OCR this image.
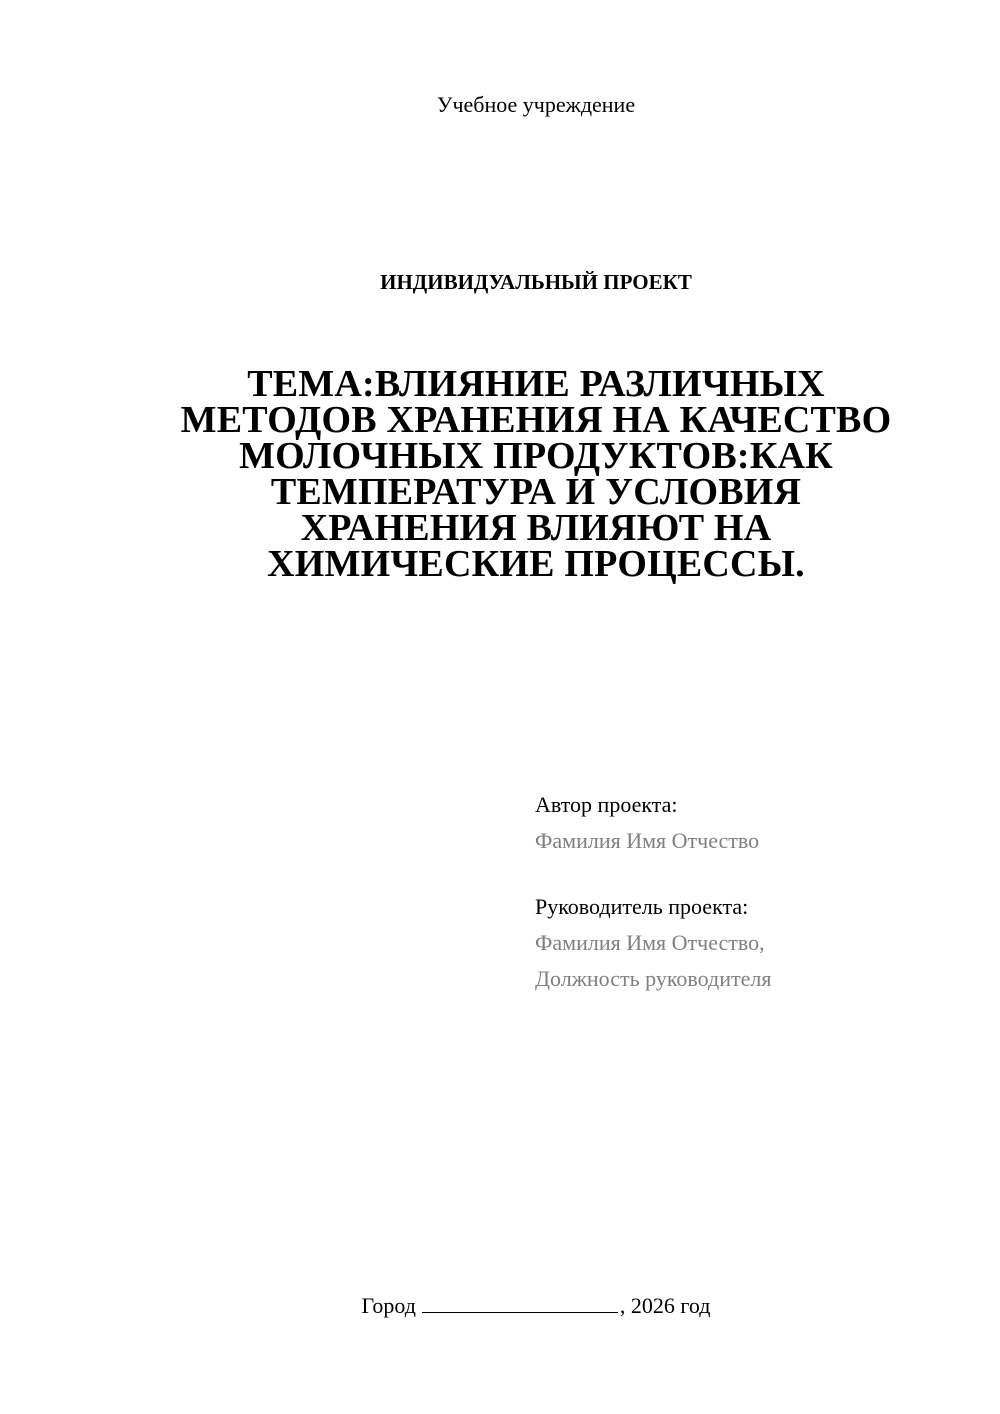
Учебное учреждение
ИНДИВИДУАЛЬНЫЙ ПРОЕКТ
ТЕМА:ВЛИЯНИЕ РАЗЛИЧНЫХ
МЕТОДОВ ХРАНЕНИЯ НА КАЧЕСТВО
МОЛОЧНЫХ ПРОДУКТОВ:КАК
ТЕМПЕРАТУРА И УСЛОВИЯ
ХРАНЕНИЯ ВЛИЯЮТ НА
ХИМИЧЕСКИЕ ПРОЦЕССЫ.
Автор проекта:
Фамилия Имя Отчество
Руководитель проекта:
Фамилия Имя Отчество,
Должность руководителя
Город	, 2026 год
